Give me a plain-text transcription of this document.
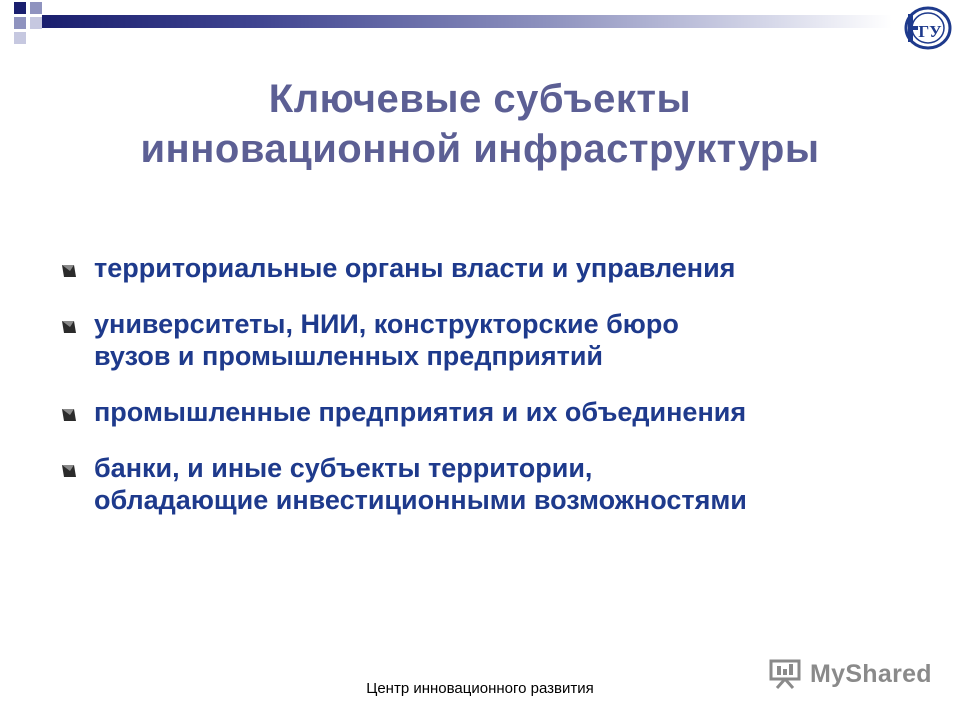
ГУ
Ключевые субъекты
инновационной инфраструктуры
территориальные органы власти и управления
университеты, НИИ, конструкторские бюро
вузов и промышленных предприятий
промышленные предприятия и их объединения
банки, и иные субъекты территории,
обладающие инвестиционными возможностями
MyShared
Центр инновационного развития
